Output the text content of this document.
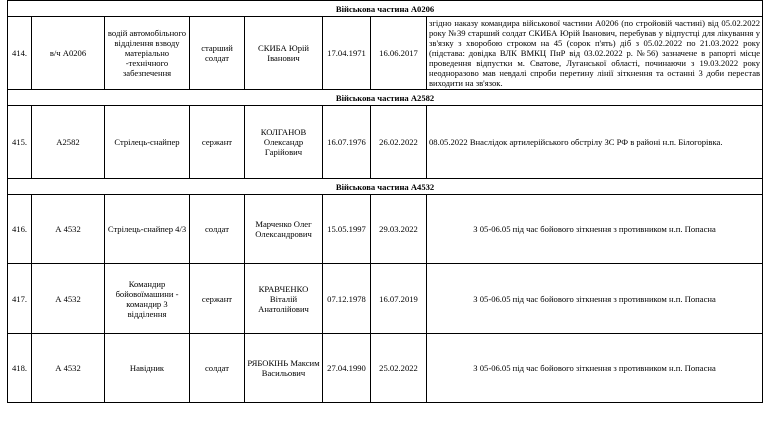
Військова частина А0206							
414.	в/ч А0206	водій автомобільного відділення взводу матеріально -технічного забезпечення	старший солдат	СКИБА Юрій Іванович	17.04.1971	16.06.2017	згідно наказу командира військової частини А0206 (по стройовій частині) від 05.02.2022 року №39 старший солдат СКИБА Юрій Іванович, перебував у відпустці для лікування у зв'язку з хворобою строком на 45 (сорок п'ять) діб з 05.02.2022 по 21.03.2022 року (підстава: довідка ВЛК ВМКЦ ПнР від 03.02.2022 р. №56) зазначене в рапорті місце проведення відпустки м. Сватове, Луганської області, починаючи з 19.03.2022 року неодноразово мав невдалі спроби перетину лінії зіткнення та останні 3 доби перестав виходити на зв'язок.
Військова частина А2582							
415.	А2582	Стрілець-снайпер	сержант	КОЛГАНОВ Олександр Гарійович	16.07.1976	26.02.2022	08.05.2022 Внаслідок артилерійського обстрілу ЗС РФ в районі н.п. Білогорівка.
Військова частина А4532							
416.	А 4532	Стрілець-снайпер 4/3	солдат	Марченко Олег Олександрович	15.05.1997	29.03.2022	З 05-06.05 під час бойового зіткнення з противником н.п. Попасна
417.	А 4532	Командир бойовоїмашини - командир 3 відділення	сержант	КРАВЧЕНКО Віталій Анатолійович	07.12.1978	16.07.2019	З 05-06.05 під час бойового зіткнення з противником н.п. Попасна
418.	А 4532	Навідник	солдат	РЯБОКІНЬ Максим Васильович	27.04.1990	25.02.2022	З 05-06.05 під час бойового зіткнення з противником н.п. Попасна
